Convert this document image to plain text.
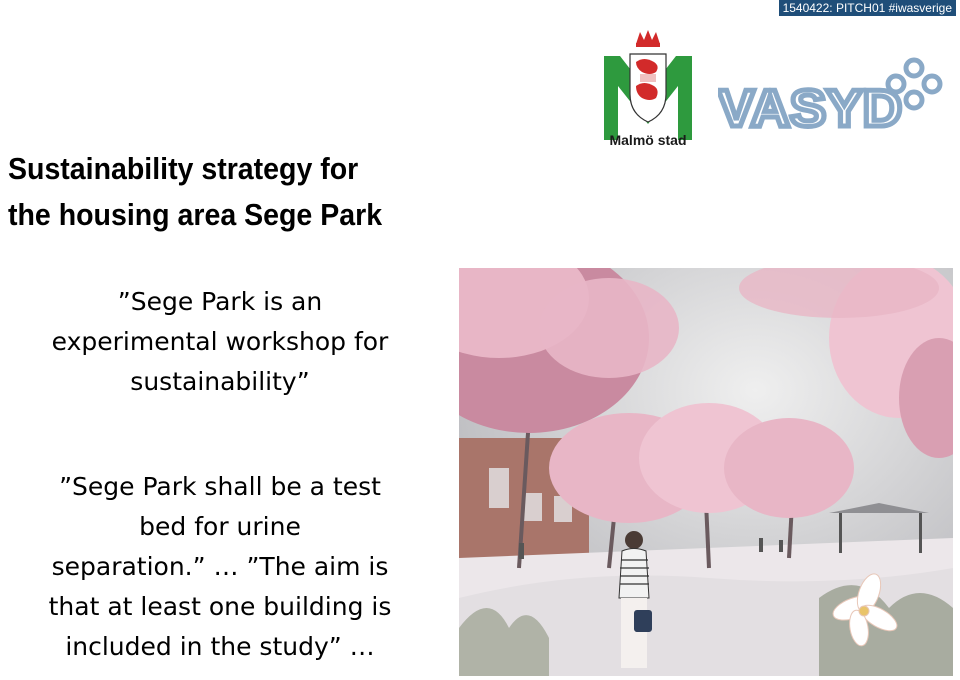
1540422: PITCH01 #iwasverige
Malmö stad
VASYD
Sustainability strategy for
the housing area Sege Park
”Sege Park is an
experimental workshop for
sustainability”
”Sege Park shall be a test
bed for urine
separation.” … ”The aim is
that at least one building is
included in the study” …
